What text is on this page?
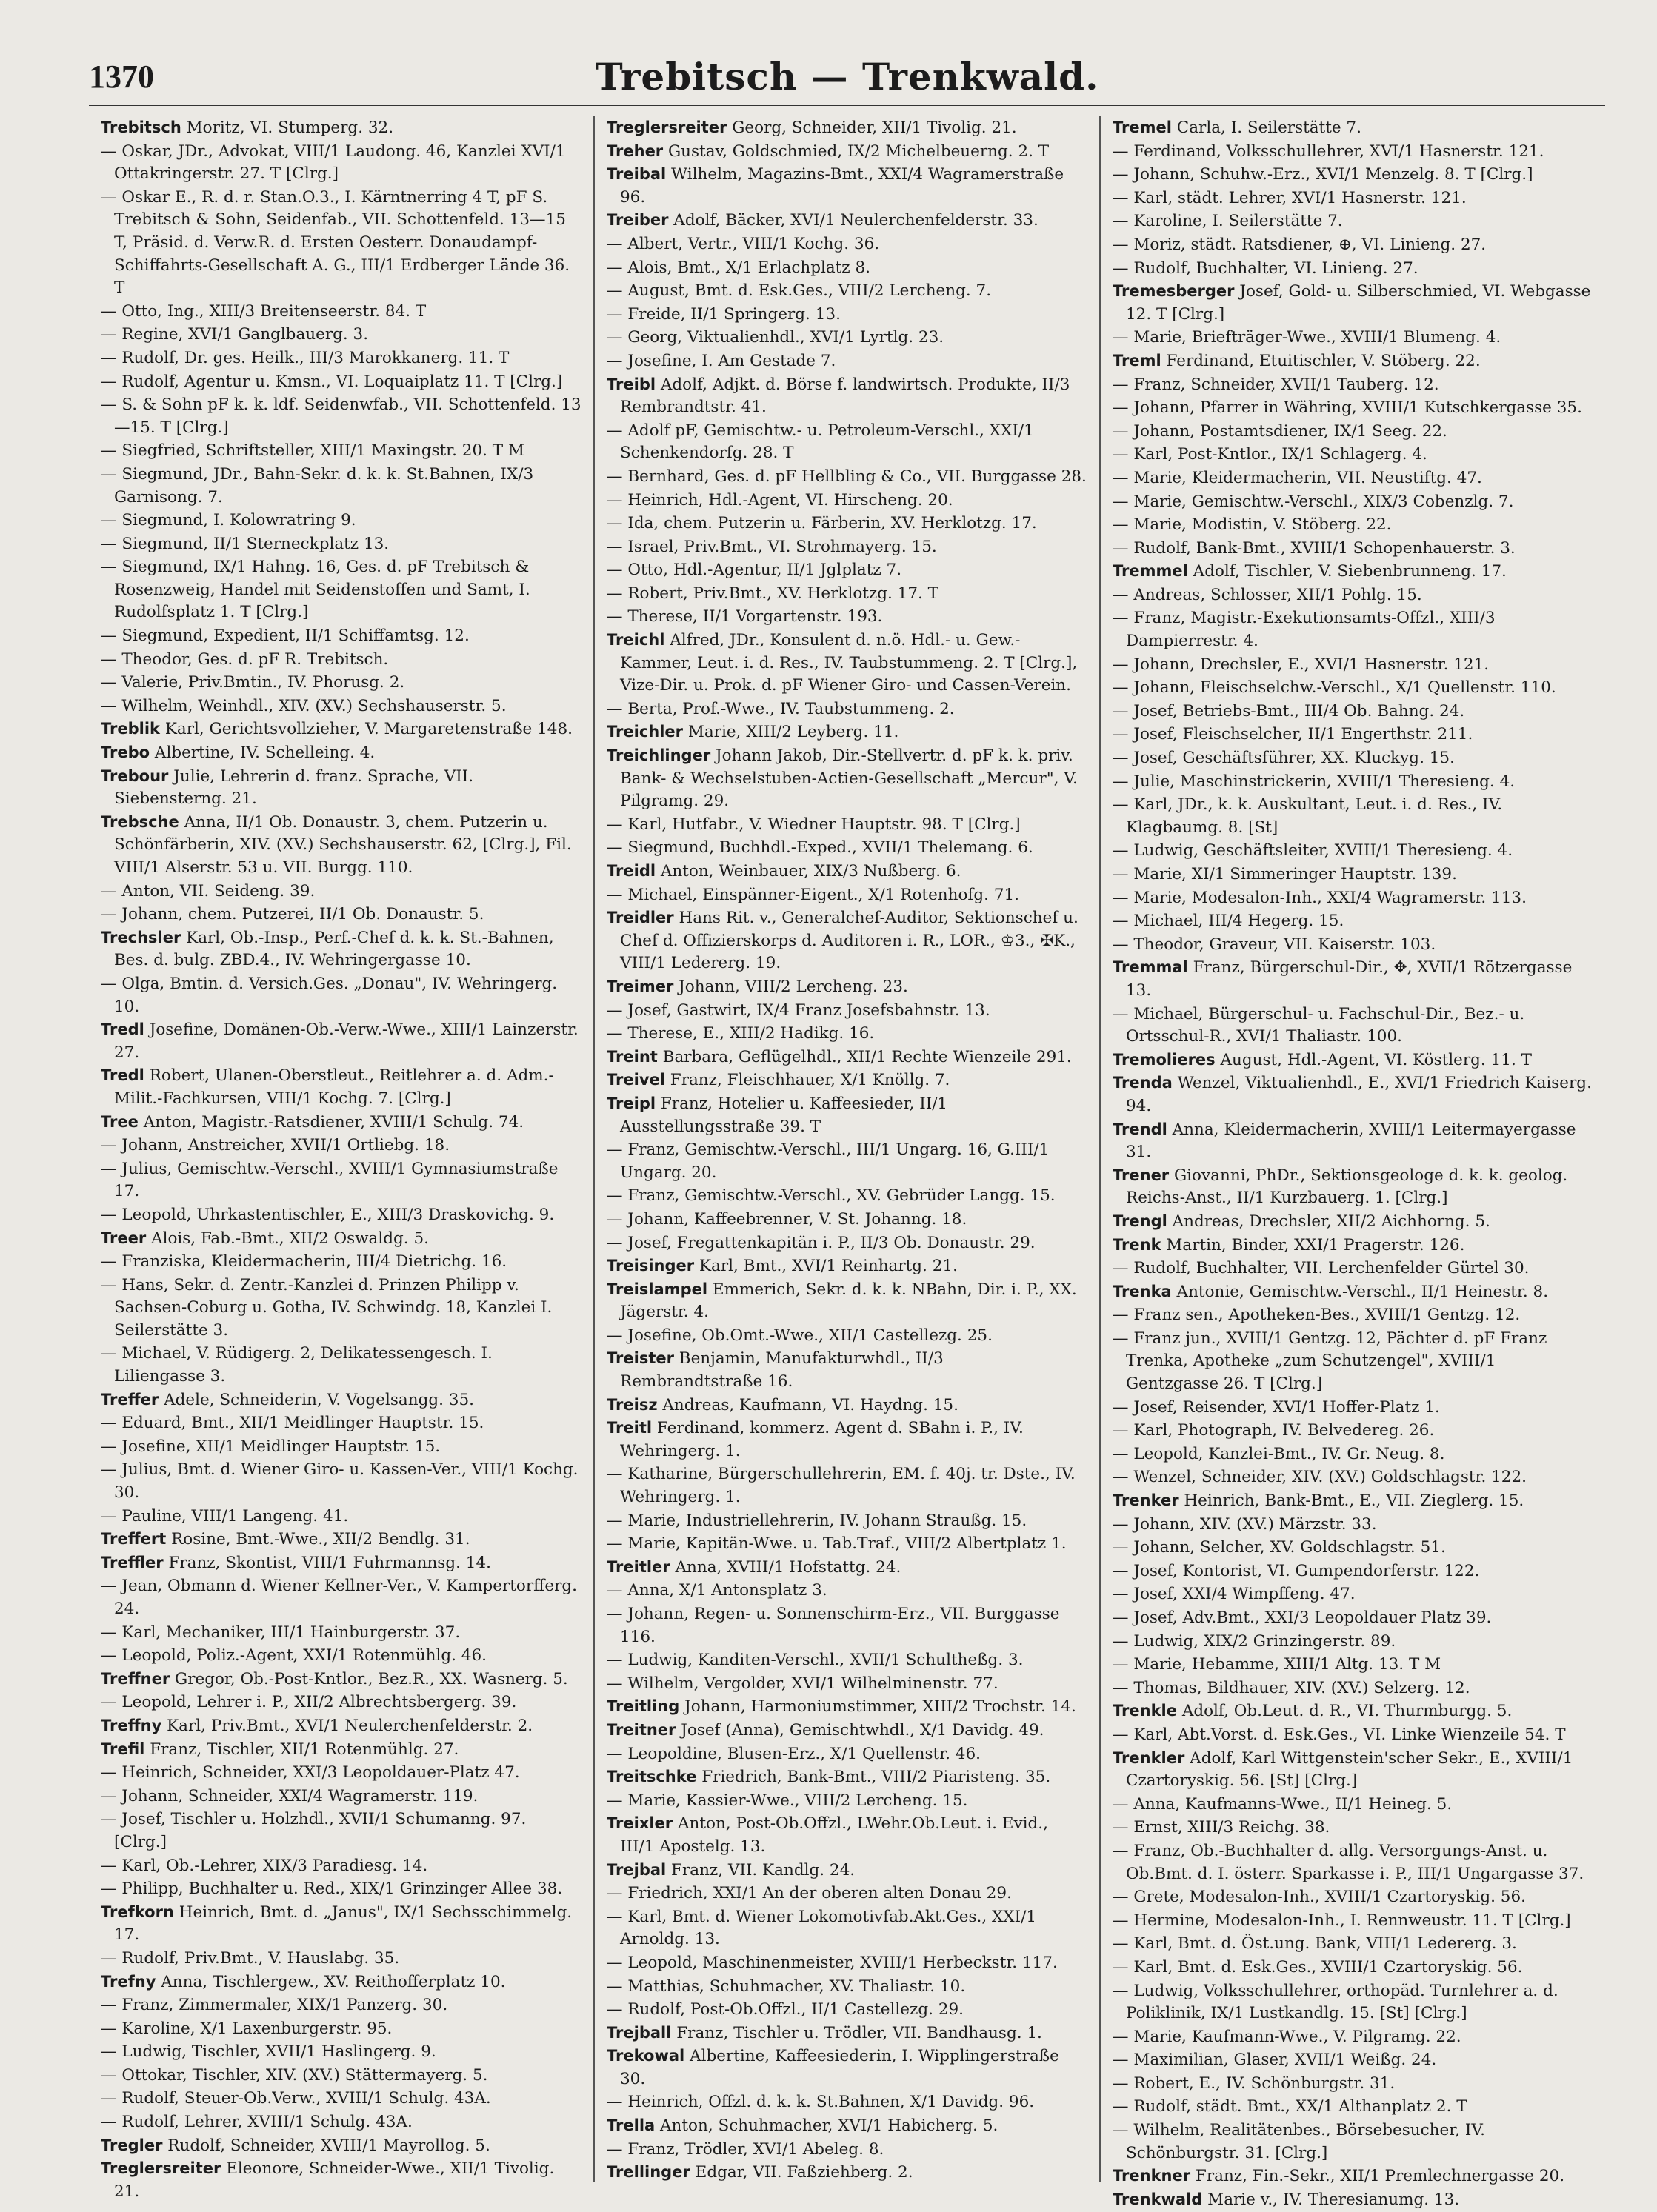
1370	Trebitsch — Trenkwald.

Trebitsch Moritz, VI. Stumperg. 32.

— Oskar, JDr., Advokat, VIII/1 Laudong. 46, Kanzlei XVI/1 Ottakringerstr. 27. T [Clrg.]

— Oskar E., R. d. r. Stan.O.3., I. Kärntnerring 4 T, pF S. Trebitsch & Sohn, Seidenfab., VII. Schottenfeld. 13—15 T, Präsid. d. Verw.R. d. Ersten Oesterr. Donaudampf-Schiffahrts-Gesellschaft A. G., III/1 Erdberger Lände 36. T

— Otto, Ing., XIII/3 Breitenseerstr. 84. T

— Regine, XVI/1 Ganglbauerg. 3.

— Rudolf, Dr. ges. Heilk., III/3 Marokkanerg. 11. T

— Rudolf, Agentur u. Kmsn., VI. Loquaiplatz 11. T [Clrg.]

— S. & Sohn pF k. k. ldf. Seidenwfab., VII. Schottenfeld. 13—15. T [Clrg.]

— Siegfried, Schriftsteller, XIII/1 Maxingstr. 20. T M

— Siegmund, JDr., Bahn-Sekr. d. k. k. St.Bahnen, IX/3 Garnisong. 7.

— Siegmund, I. Kolowratring 9.

— Siegmund, II/1 Sterneckplatz 13.

— Siegmund, IX/1 Hahng. 16, Ges. d. pF Trebitsch & Rosenzweig, Handel mit Seidenstoffen und Samt, I. Rudolfsplatz 1. T [Clrg.]

— Siegmund, Expedient, II/1 Schiffamtsg. 12.

— Theodor, Ges. d. pF R. Trebitsch.

— Valerie, Priv.Bmtin., IV. Phorusg. 2.

— Wilhelm, Weinhdl., XIV. (XV.) Sechshauserstr. 5.

Treblik Karl, Gerichtsvollzieher, V. Margaretenstraße 148.

Trebo Albertine, IV. Schelleing. 4.

Trebour Julie, Lehrerin d. franz. Sprache, VII. Siebensterng. 21.

Trebsche Anna, II/1 Ob. Donaustr. 3, chem. Putzerin u. Schönfärberin, XIV. (XV.) Sechshauserstr. 62, [Clrg.], Fil. VIII/1 Alserstr. 53 u. VII. Burgg. 110.

— Anton, VII. Seideng. 39.

— Johann, chem. Putzerei, II/1 Ob. Donaustr. 5.

Trechsler Karl, Ob.-Insp., Perf.-Chef d. k. k. St.-Bahnen, Bes. d. bulg. ZBD.4., IV. Wehringergasse 10.

— Olga, Bmtin. d. Versich.Ges. „Donau", IV. Wehringerg. 10.

Tredl Josefine, Domänen-Ob.-Verw.-Wwe., XIII/1 Lainzerstr. 27.

Tredl Robert, Ulanen-Oberstleut., Reitlehrer a. d. Adm.-Milit.-Fachkursen, VIII/1 Kochg. 7. [Clrg.]

Tree Anton, Magistr.-Ratsdiener, XVIII/1 Schulg. 74.

— Johann, Anstreicher, XVII/1 Ortliebg. 18.

— Julius, Gemischtw.-Verschl., XVIII/1 Gymnasiumstraße 17.

— Leopold, Uhrkastentischler, E., XIII/3 Draskovichg. 9.

Treer Alois, Fab.-Bmt., XII/2 Oswaldg. 5.

— Franziska, Kleidermacherin, III/4 Dietrichg. 16.

— Hans, Sekr. d. Zentr.-Kanzlei d. Prinzen Philipp v. Sachsen-Coburg u. Gotha, IV. Schwindg. 18, Kanzlei I. Seilerstätte 3.

— Michael, V. Rüdigerg. 2, Delikatessengesch. I. Liliengasse 3.

Treffer Adele, Schneiderin, V. Vogelsangg. 35.

— Eduard, Bmt., XII/1 Meidlinger Hauptstr. 15.

— Josefine, XII/1 Meidlinger Hauptstr. 15.

— Julius, Bmt. d. Wiener Giro- u. Kassen-Ver., VIII/1 Kochg. 30.

— Pauline, VIII/1 Langeng. 41.

Treffert Rosine, Bmt.-Wwe., XII/2 Bendlg. 31.

Treffler Franz, Skontist, VIII/1 Fuhrmannsg. 14.

— Jean, Obmann d. Wiener Kellner-Ver., V. Kampertorfferg. 24.

— Karl, Mechaniker, III/1 Hainburgerstr. 37.

— Leopold, Poliz.-Agent, XXI/1 Rotenmühlg. 46.

Treffner Gregor, Ob.-Post-Kntlor., Bez.R., XX. Wasnerg. 5.

— Leopold, Lehrer i. P., XII/2 Albrechtsbergerg. 39.

Treffny Karl, Priv.Bmt., XVI/1 Neulerchenfelderstr. 2.

Trefil Franz, Tischler, XII/1 Rotenmühlg. 27.

— Heinrich, Schneider, XXI/3 Leopoldauer-Platz 47.

— Johann, Schneider, XXI/4 Wagramerstr. 119.

— Josef, Tischler u. Holzhdl., XVII/1 Schumanng. 97. [Clrg.]

— Karl, Ob.-Lehrer, XIX/3 Paradiesg. 14.

— Philipp, Buchhalter u. Red., XIX/1 Grinzinger Allee 38.

Trefkorn Heinrich, Bmt. d. „Janus", IX/1 Sechsschimmelg. 17.

— Rudolf, Priv.Bmt., V. Hauslabg. 35.

Trefny Anna, Tischlergew., XV. Reithofferplatz 10.

— Franz, Zimmermaler, XIX/1 Panzerg. 30.

— Karoline, X/1 Laxenburgerstr. 95.

— Ludwig, Tischler, XVII/1 Haslingerg. 9.

— Ottokar, Tischler, XIV. (XV.) Stättermayerg. 5.

— Rudolf, Steuer-Ob.Verw., XVIII/1 Schulg. 43A.

— Rudolf, Lehrer, XVIII/1 Schulg. 43A.

Tregler Rudolf, Schneider, XVIII/1 Mayrollog. 5.

Treglersreiter Eleonore, Schneider-Wwe., XII/1 Tivolig. 21.

Treglersreiter Georg, Schneider, XII/1 Tivolig. 21.

Treher Gustav, Goldschmied, IX/2 Michelbeuerng. 2. T

Treibal Wilhelm, Magazins-Bmt., XXI/4 Wagramerstraße 96.

Treiber Adolf, Bäcker, XVI/1 Neulerchenfelderstr. 33.

— Albert, Vertr., VIII/1 Kochg. 36.

— Alois, Bmt., X/1 Erlachplatz 8.

— August, Bmt. d. Esk.Ges., VIII/2 Lercheng. 7.

— Freide, II/1 Springerg. 13.

— Georg, Viktualienhdl., XVI/1 Lyrtlg. 23.

— Josefine, I. Am Gestade 7.

Treibl Adolf, Adjkt. d. Börse f. landwirtsch. Produkte, II/3 Rembrandtstr. 41.

— Adolf pF, Gemischtw.- u. Petroleum-Verschl., XXI/1 Schenkendorfg. 28. T

— Bernhard, Ges. d. pF Hellbling & Co., VII. Burggasse 28.

— Heinrich, Hdl.-Agent, VI. Hirscheng. 20.

— Ida, chem. Putzerin u. Färberin, XV. Herklotzg. 17.

— Israel, Priv.Bmt., VI. Strohmayerg. 15.

— Otto, Hdl.-Agentur, II/1 Jglplatz 7.

— Robert, Priv.Bmt., XV. Herklotzg. 17. T

— Therese, II/1 Vorgartenstr. 193.

Treichl Alfred, JDr., Konsulent d. n.ö. Hdl.- u. Gew.-Kammer, Leut. i. d. Res., IV. Taubstummeng. 2. T [Clrg.], Vize-Dir. u. Prok. d. pF Wiener Giro- und Cassen-Verein.

— Berta, Prof.-Wwe., IV. Taubstummeng. 2.

Treichler Marie, XIII/2 Leyberg. 11.

Treichlinger Johann Jakob, Dir.-Stellvertr. d. pF k. k. priv. Bank- & Wechselstuben-Actien-Gesellschaft „Mercur", V. Pilgramg. 29.

— Karl, Hutfabr., V. Wiedner Hauptstr. 98. T [Clrg.]

— Siegmund, Buchhdl.-Exped., XVII/1 Thelemang. 6.

Treidl Anton, Weinbauer, XIX/3 Nußberg. 6.

— Michael, Einspänner-Eigent., X/1 Rotenhofg. 71.

Treidler Hans Rit. v., Generalchef-Auditor, Sektionschef u. Chef d. Offizierskorps d. Auditoren i. R., LOR., ♔3., ✠K., VIII/1 Ledererg. 19.

Treimer Johann, VIII/2 Lercheng. 23.

— Josef, Gastwirt, IX/4 Franz Josefsbahnstr. 13.

— Therese, E., XIII/2 Hadikg. 16.

Treint Barbara, Geflügelhdl., XII/1 Rechte Wienzeile 291.

Treivel Franz, Fleischhauer, X/1 Knöllg. 7.

Treipl Franz, Hotelier u. Kaffeesieder, II/1 Ausstellungsstraße 39. T

— Franz, Gemischtw.-Verschl., III/1 Ungarg. 16, G.III/1 Ungarg. 20.

— Franz, Gemischtw.-Verschl., XV. Gebrüder Langg. 15.

— Johann, Kaffeebrenner, V. St. Johanng. 18.

— Josef, Fregattenkapitän i. P., II/3 Ob. Donaustr. 29.

Treisinger Karl, Bmt., XVI/1 Reinhartg. 21.

Treislampel Emmerich, Sekr. d. k. k. NBahn, Dir. i. P., XX. Jägerstr. 4.

— Josefine, Ob.Omt.-Wwe., XII/1 Castellezg. 25.

Treister Benjamin, Manufakturwhdl., II/3 Rembrandtstraße 16.

Treisz Andreas, Kaufmann, VI. Haydng. 15.

Treitl Ferdinand, kommerz. Agent d. SBahn i. P., IV. Wehringerg. 1.

— Katharine, Bürgerschullehrerin, EM. f. 40j. tr. Dste., IV. Wehringerg. 1.

— Marie, Industriellehrerin, IV. Johann Straußg. 15.

— Marie, Kapitän-Wwe. u. Tab.Traf., VIII/2 Albertplatz 1.

Treitler Anna, XVIII/1 Hofstattg. 24.

— Anna, X/1 Antonsplatz 3.

— Johann, Regen- u. Sonnenschirm-Erz., VII. Burggasse 116.

— Ludwig, Kanditen-Verschl., XVII/1 Schultheßg. 3.

— Wilhelm, Vergolder, XVI/1 Wilhelminenstr. 77.

Treitling Johann, Harmoniumstimmer, XIII/2 Trochstr. 14.

Treitner Josef (Anna), Gemischtwhdl., X/1 Davidg. 49.

— Leopoldine, Blusen-Erz., X/1 Quellenstr. 46.

Treitschke Friedrich, Bank-Bmt., VIII/2 Piaristeng. 35.

— Marie, Kassier-Wwe., VIII/2 Lercheng. 15.

Treixler Anton, Post-Ob.Offzl., LWehr.Ob.Leut. i. Evid., III/1 Apostelg. 13.

Trejbal Franz, VII. Kandlg. 24.

— Friedrich, XXI/1 An der oberen alten Donau 29.

— Karl, Bmt. d. Wiener Lokomotivfab.Akt.Ges., XXI/1 Arnoldg. 13.

— Leopold, Maschinenmeister, XVIII/1 Herbeckstr. 117.

— Matthias, Schuhmacher, XV. Thaliastr. 10.

— Rudolf, Post-Ob.Offzl., II/1 Castellezg. 29.

Trejball Franz, Tischler u. Trödler, VII. Bandhausg. 1.

Trekowal Albertine, Kaffeesiederin, I. Wipplingerstraße 30.

— Heinrich, Offzl. d. k. k. St.Bahnen, X/1 Davidg. 96.

Trella Anton, Schuhmacher, XVI/1 Habicherg. 5.

— Franz, Trödler, XVI/1 Abeleg. 8.

Trellinger Edgar, VII. Faßziehberg. 2.

Tremel Carla, I. Seilerstätte 7.

— Ferdinand, Volksschullehrer, XVI/1 Hasnerstr. 121.

— Johann, Schuhw.-Erz., XVI/1 Menzelg. 8. T [Clrg.]

— Karl, städt. Lehrer, XVI/1 Hasnerstr. 121.

— Karoline, I. Seilerstätte 7.

— Moriz, städt. Ratsdiener, ⊕, VI. Linieng. 27.

— Rudolf, Buchhalter, VI. Linieng. 27.

Tremesberger Josef, Gold- u. Silberschmied, VI. Webgasse 12. T [Clrg.]

— Marie, Briefträger-Wwe., XVIII/1 Blumeng. 4.

Treml Ferdinand, Etuitischler, V. Stöberg. 22.

— Franz, Schneider, XVII/1 Tauberg. 12.

— Johann, Pfarrer in Währing, XVIII/1 Kutschkergasse 35.

— Johann, Postamtsdiener, IX/1 Seeg. 22.

— Karl, Post-Kntlor., IX/1 Schlagerg. 4.

— Marie, Kleidermacherin, VII. Neustiftg. 47.

— Marie, Gemischtw.-Verschl., XIX/3 Cobenzlg. 7.

— Marie, Modistin, V. Stöberg. 22.

— Rudolf, Bank-Bmt., XVIII/1 Schopenhauerstr. 3.

Tremmel Adolf, Tischler, V. Siebenbrunneng. 17.

— Andreas, Schlosser, XII/1 Pohlg. 15.

— Franz, Magistr.-Exekutionsamts-Offzl., XIII/3 Dampierrestr. 4.

— Johann, Drechsler, E., XVI/1 Hasnerstr. 121.

— Johann, Fleischselchw.-Verschl., X/1 Quellenstr. 110.

— Josef, Betriebs-Bmt., III/4 Ob. Bahng. 24.

— Josef, Fleischselcher, II/1 Engerthstr. 211.

— Josef, Geschäftsführer, XX. Kluckyg. 15.

— Julie, Maschinstrickerin, XVIII/1 Theresieng. 4.

— Karl, JDr., k. k. Auskultant, Leut. i. d. Res., IV. Klagbaumg. 8. [St]

— Ludwig, Geschäftsleiter, XVIII/1 Theresieng. 4.

— Marie, XI/1 Simmeringer Hauptstr. 139.

— Marie, Modesalon-Inh., XXI/4 Wagramerstr. 113.

— Michael, III/4 Hegerg. 15.

— Theodor, Graveur, VII. Kaiserstr. 103.

Tremmal Franz, Bürgerschul-Dir., ✥, XVII/1 Rötzergasse 13.

— Michael, Bürgerschul- u. Fachschul-Dir., Bez.- u. Ortsschul-R., XVI/1 Thaliastr. 100.

Tremolieres August, Hdl.-Agent, VI. Köstlerg. 11. T

Trenda Wenzel, Viktualienhdl., E., XVI/1 Friedrich Kaiserg. 94.

Trendl Anna, Kleidermacherin, XVIII/1 Leitermayergasse 31.

Trener Giovanni, PhDr., Sektionsgeologe d. k. k. geolog. Reichs-Anst., II/1 Kurzbauerg. 1. [Clrg.]

Trengl Andreas, Drechsler, XII/2 Aichhorng. 5.

Trenk Martin, Binder, XXI/1 Pragerstr. 126.

— Rudolf, Buchhalter, VII. Lerchenfelder Gürtel 30.

Trenka Antonie, Gemischtw.-Verschl., II/1 Heinestr. 8.

— Franz sen., Apotheken-Bes., XVIII/1 Gentzg. 12.

— Franz jun., XVIII/1 Gentzg. 12, Pächter d. pF Franz Trenka, Apotheke „zum Schutzengel", XVIII/1 Gentzgasse 26. T [Clrg.]

— Josef, Reisender, XVI/1 Hoffer-Platz 1.

— Karl, Photograph, IV. Belvedereg. 26.

— Leopold, Kanzlei-Bmt., IV. Gr. Neug. 8.

— Wenzel, Schneider, XIV. (XV.) Goldschlagstr. 122.

Trenker Heinrich, Bank-Bmt., E., VII. Zieglerg. 15.

— Johann, XIV. (XV.) Märzstr. 33.

— Johann, Selcher, XV. Goldschlagstr. 51.

— Josef, Kontorist, VI. Gumpendorferstr. 122.

— Josef, XXI/4 Wimpffeng. 47.

— Josef, Adv.Bmt., XXI/3 Leopoldauer Platz 39.

— Ludwig, XIX/2 Grinzingerstr. 89.

— Marie, Hebamme, XIII/1 Altg. 13. T M

— Thomas, Bildhauer, XIV. (XV.) Selzerg. 12.

Trenkle Adolf, Ob.Leut. d. R., VI. Thurmburgg. 5.

— Karl, Abt.Vorst. d. Esk.Ges., VI. Linke Wienzeile 54. T

Trenkler Adolf, Karl Wittgenstein'scher Sekr., E., XVIII/1 Czartoryskig. 56. [St] [Clrg.]

— Anna, Kaufmanns-Wwe., II/1 Heineg. 5.

— Ernst, XIII/3 Reichg. 38.

— Franz, Ob.-Buchhalter d. allg. Versorgungs-Anst. u. Ob.Bmt. d. I. österr. Sparkasse i. P., III/1 Ungargasse 37.

— Grete, Modesalon-Inh., XVIII/1 Czartoryskig. 56.

— Hermine, Modesalon-Inh., I. Rennweustr. 11. T [Clrg.]

— Karl, Bmt. d. Öst.ung. Bank, VIII/1 Ledererg. 3.

— Karl, Bmt. d. Esk.Ges., XVIII/1 Czartoryskig. 56.

— Ludwig, Volksschullehrer, orthopäd. Turnlehrer a. d. Poliklinik, IX/1 Lustkandlg. 15. [St] [Clrg.]

— Marie, Kaufmann-Wwe., V. Pilgramg. 22.

— Maximilian, Glaser, XVII/1 Weißg. 24.

— Robert, E., IV. Schönburgstr. 31.

— Rudolf, städt. Bmt., XX/1 Althanplatz 2. T

— Wilhelm, Realitätenbes., Börsebesucher, IV. Schönburgstr. 31. [Clrg.]

Trenkner Franz, Fin.-Sekr., XII/1 Premlechnergasse 20.

Trenkwald Marie v., IV. Theresianumg. 13.
